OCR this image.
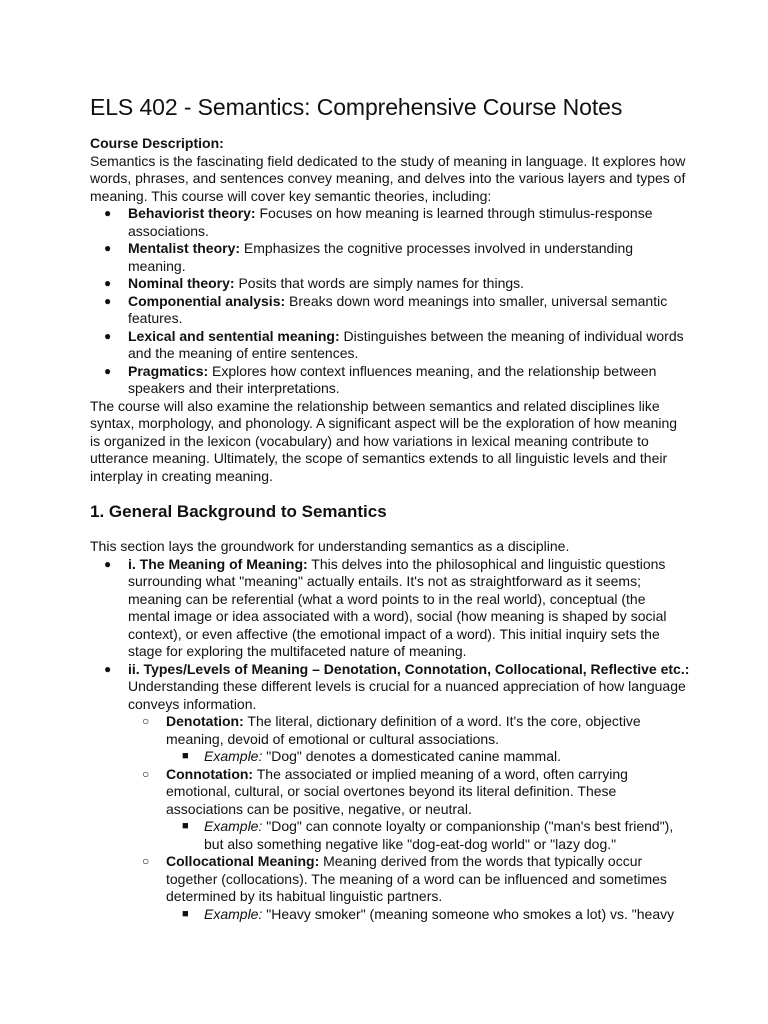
ELS 402 - Semantics: Comprehensive Course Notes
Course Description:

Semantics is the fascinating field dedicated to the study of meaning in language. It explores how words, phrases, and sentences convey meaning, and delves into the various layers and types of meaning. This course will cover key semantic theories, including:

● Behaviorist theory: Focuses on how meaning is learned through stimulus-response associations.
● Mentalist theory: Emphasizes the cognitive processes involved in understanding meaning.
● Nominal theory: Posits that words are simply names for things.
● Componential analysis: Breaks down word meanings into smaller, universal semantic features.
● Lexical and sentential meaning: Distinguishes between the meaning of individual words and the meaning of entire sentences.
● Pragmatics: Explores how context influences meaning, and the relationship between speakers and their interpretations.

The course will also examine the relationship between semantics and related disciplines like syntax, morphology, and phonology. A significant aspect will be the exploration of how meaning is organized in the lexicon (vocabulary) and how variations in lexical meaning contribute to utterance meaning. Ultimately, the scope of semantics extends to all linguistic levels and their interplay in creating meaning.

1. General Background to Semantics

This section lays the groundwork for understanding semantics as a discipline.

● i. The Meaning of Meaning: This delves into the philosophical and linguistic questions surrounding what "meaning" actually entails. It's not as straightforward as it seems; meaning can be referential (what a word points to in the real world), conceptual (the mental image or idea associated with a word), social (how meaning is shaped by social context), or even affective (the emotional impact of a word). This initial inquiry sets the stage for exploring the multifaceted nature of meaning.
● ii. Types/Levels of Meaning – Denotation, Connotation, Collocational, Reflective etc.: Understanding these different levels is crucial for a nuanced appreciation of how language conveys information.
○ Denotation: The literal, dictionary definition of a word. It's the core, objective meaning, devoid of emotional or cultural associations.
■ Example: "Dog" denotes a domesticated canine mammal.
○ Connotation: The associated or implied meaning of a word, often carrying emotional, cultural, or social overtones beyond its literal definition. These associations can be positive, negative, or neutral.
■ Example: "Dog" can connote loyalty or companionship ("man's best friend"), but also something negative like "dog-eat-dog world" or "lazy dog."
○ Collocational Meaning: Meaning derived from the words that typically occur together (collocations). The meaning of a word can be influenced and sometimes determined by its habitual linguistic partners.
■ Example: "Heavy smoker" (meaning someone who smokes a lot) vs. "heavy
